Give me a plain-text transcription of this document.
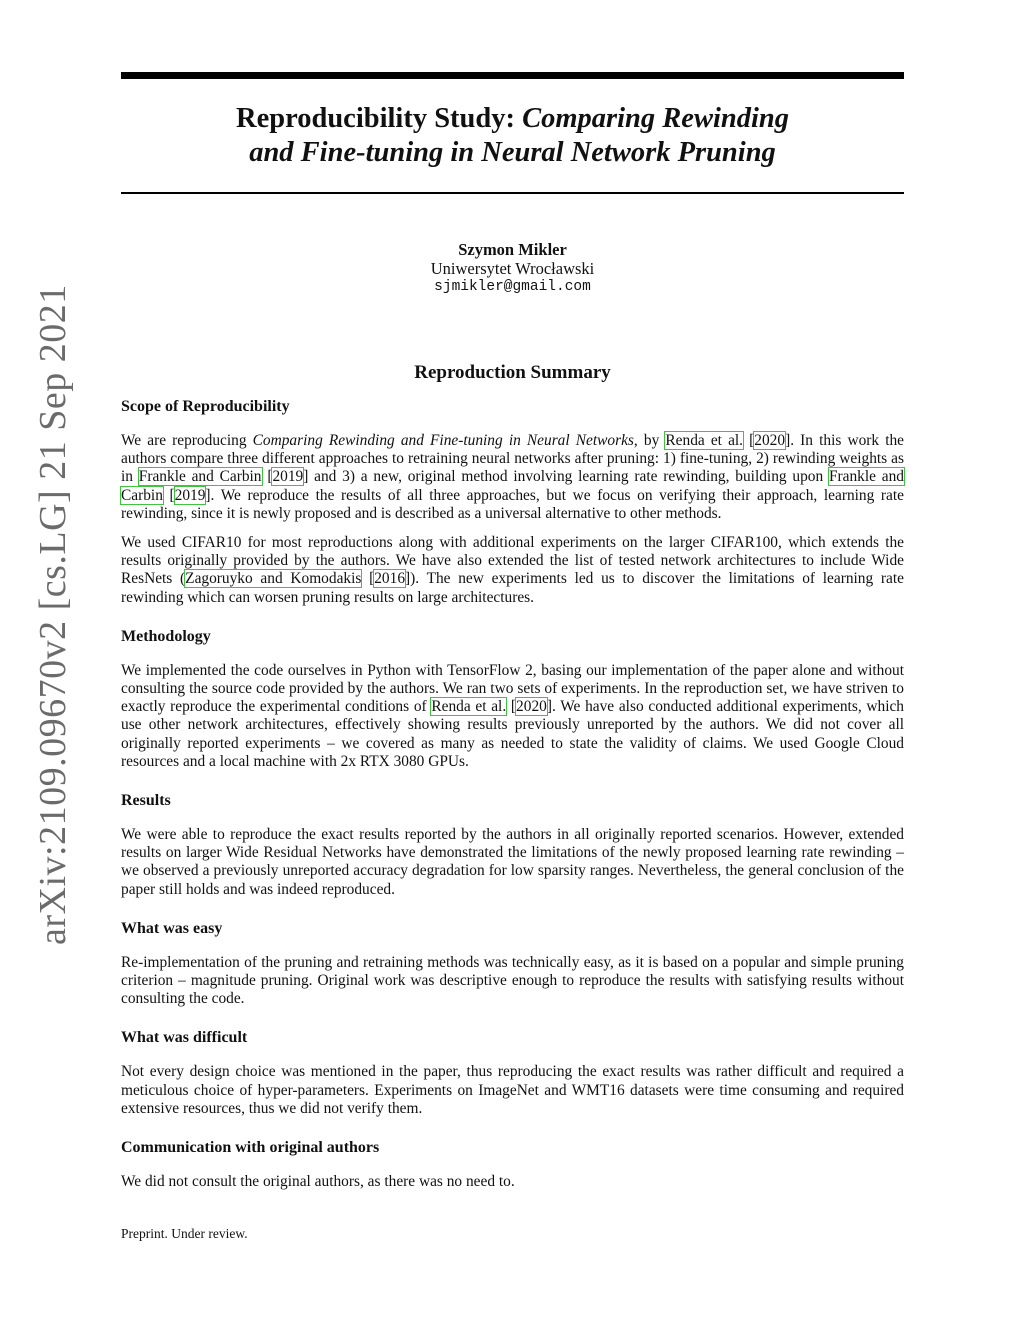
arXiv:2109.09670v2 [cs.LG] 21 Sep 2021
Reproducibility Study: Comparing Rewinding
and Fine-tuning in Neural Network Pruning
Szymon Mikler
Uniwersytet Wrocławski
sjmikler@gmail.com
Reproduction Summary
Scope of Reproducibility

We are reproducing Comparing Rewinding and Fine-tuning in Neural Networks, by Renda et al. [2020]. In this work the authors compare three different approaches to retraining neural networks after pruning: 1) fine-tuning, 2) rewinding weights as in Frankle and Carbin [2019] and 3) a new, original method involving learning rate rewinding, building upon Frankle and Carbin [2019]. We reproduce the results of all three approaches, but we focus on verifying their approach, learning rate rewinding, since it is newly proposed and is described as a universal alternative to other methods.

We used CIFAR10 for most reproductions along with additional experiments on the larger CIFAR100, which extends the results originally provided by the authors. We have also extended the list of tested network architectures to include Wide ResNets (Zagoruyko and Komodakis [2016]). The new experiments led us to discover the limitations of learning rate rewinding which can worsen pruning results on large architectures.

Methodology

We implemented the code ourselves in Python with TensorFlow 2, basing our implementation of the paper alone and without consulting the source code provided by the authors. We ran two sets of experiments. In the reproduction set, we have striven to exactly reproduce the experimental conditions of Renda et al. [2020]. We have also conducted additional experiments, which use other network architectures, effectively showing results previously unreported by the authors. We did not cover all originally reported experiments – we covered as many as needed to state the validity of claims. We used Google Cloud resources and a local machine with 2x RTX 3080 GPUs.

Results

We were able to reproduce the exact results reported by the authors in all originally reported scenarios. However, extended results on larger Wide Residual Networks have demonstrated the limitations of the newly proposed learning rate rewinding – we observed a previously unreported accuracy degradation for low sparsity ranges. Nevertheless, the general conclusion of the paper still holds and was indeed reproduced.

What was easy

Re-implementation of the pruning and retraining methods was technically easy, as it is based on a popular and simple pruning criterion – magnitude pruning. Original work was descriptive enough to reproduce the results with satisfying results without consulting the code.

What was difficult

Not every design choice was mentioned in the paper, thus reproducing the exact results was rather difficult and required a meticulous choice of hyper-parameters. Experiments on ImageNet and WMT16 datasets were time consuming and required extensive resources, thus we did not verify them.

Communication with original authors

We did not consult the original authors, as there was no need to.

Preprint. Under review.
